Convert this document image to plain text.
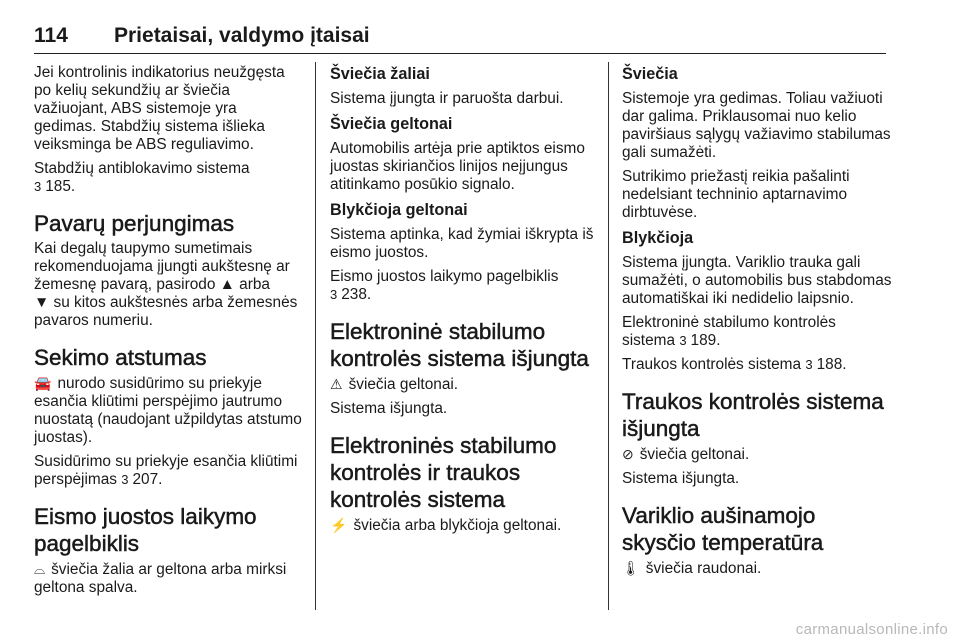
114 Prietaisai, valdymo įtaisai

Jei kontrolinis indikatorius neužgęsta po kelių sekundžių ar šviečia važiuojant, ABS sistemoje yra gedimas. Stabdžių sistema išlieka veiksminga be ABS reguliavimo.

Stabdžių antiblokavimo sistema
3 185.

Pavarų perjungimas

Kai degalų taupymo sumetimais rekomenduojama įjungti aukštesnę ar žemesnę pavarą, pasirodo ▲ arba
▼ su kitos aukštesnės arba žemesnės pavaros numeriu.

Sekimo atstumas

🚘 nurodo susidūrimo su priekyje esančia kliūtimi perspėjimo jautrumo nuostatą (naudojant užpildytas atstumo juostas).

Susidūrimo su priekyje esančia kliūtimi perspėjimas 3 207.

Eismo juostos laikymo pagelbiklis

⌓ šviečia žalia ar geltona arba mirksi geltona spalva.

Šviečia žaliai

Sistema įjungta ir paruošta darbui.

Šviečia geltonai

Automobilis artėja prie aptiktos eismo juostas skiriančios linijos neįjungus atitinkamo posūkio signalo.

Blykčioja geltonai

Sistema aptinka, kad žymiai iškrypta iš eismo juostos.

Eismo juostos laikymo pagelbiklis
3 238.

Elektroninė stabilumo kontrolės sistema išjungta

⚠ šviečia geltonai.

Sistema išjungta.

Elektroninės stabilumo kontrolės ir traukos kontrolės sistema

⚡ šviečia arba blykčioja geltonai.

Šviečia

Sistemoje yra gedimas. Toliau važiuoti dar galima. Priklausomai nuo kelio paviršiaus sąlygų važiavimo stabilumas gali sumažėti.

Sutrikimo priežastį reikia pašalinti nedelsiant techninio aptarnavimo dirbtuvėse.

Blykčioja

Sistema įjungta. Variklio trauka gali sumažėti, o automobilis bus stabdomas automatiškai iki nedidelio laipsnio.

Elektroninė stabilumo kontrolės sistema 3 189.

Traukos kontrolės sistema 3 188.

Traukos kontrolės sistema išjungta

⊘ šviečia geltonai.

Sistema išjungta.

Variklio aušinamojo skysčio temperatūra

🌡 šviečia raudonai.

carmanualsonline.info
